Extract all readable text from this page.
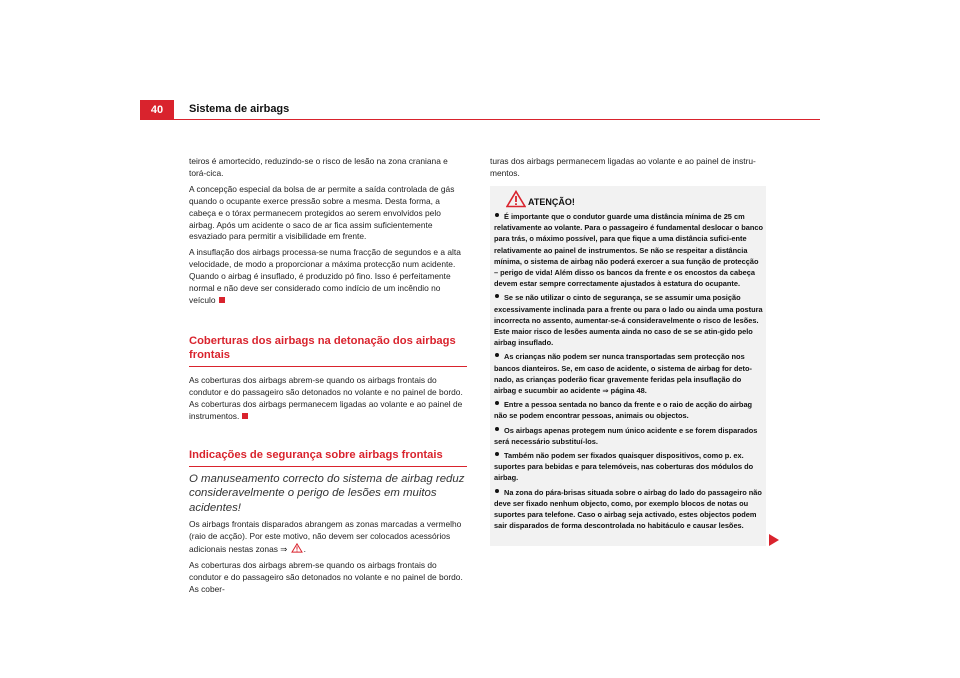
40	Sistema de airbags

teiros é amortecido, reduzindo-se o risco de lesão na zona craniana e torá-cica.

A concepção especial da bolsa de ar permite a saída controlada de gás quando o ocupante exerce pressão sobre a mesma. Desta forma, a cabeça e o tórax permanecem protegidos ao serem envolvidos pelo airbag. Após um acidente o saco de ar fica assim suficientemente esvaziado para permitir a visibilidade em frente.

A insuflação dos airbags processa-se numa fracção de segundos e a alta velocidade, de modo a proporcionar a máxima protecção num acidente. Quando o airbag é insuflado, é produzido pó fino. Isso é perfeitamente normal e não deve ser considerado como indício de um incêndio no veículo

Coberturas dos airbags na detonação dos airbags frontais

As coberturas dos airbags abrem-se quando os airbags frontais do condutor e do passageiro são detonados no volante e no painel de bordo. As coberturas dos airbags permanecem ligadas ao volante e ao painel de instrumentos.

Indicações de segurança sobre airbags frontais

O manuseamento correcto do sistema de airbag reduz consideravelmente o perigo de lesões em muitos acidentes!

Os airbags frontais disparados abrangem as zonas marcadas a vermelho (raio de acção). Por este motivo, não devem ser colocados acessórios adicionais nestas zonas ⇒ .

As coberturas dos airbags abrem-se quando os airbags frontais do condutor e do passageiro são detonados no volante e no painel de bordo. As cober-

turas dos airbags permanecem ligadas ao volante e ao painel de instru-mentos.

ATENÇÃO!
É importante que o condutor guarde uma distância mínima de 25 cm relativamente ao volante. Para o passageiro é fundamental deslocar o banco para trás, o máximo possível, para que fique a uma distância sufici-ente relativamente ao painel de instrumentos. Se não se respeitar a distância mínima, o sistema de airbag não poderá exercer a sua função de protecção – perigo de vida! Além disso os bancos da frente e os encostos da cabeça devem estar sempre correctamente ajustados à estatura do ocupante.
Se se não utilizar o cinto de segurança, se se assumir uma posição excessivamente inclinada para a frente ou para o lado ou ainda uma postura incorrecta no assento, aumentar-se-á consideravelmente o risco de lesões. Este maior risco de lesões aumenta ainda no caso de se se atin-gido pelo airbag insuflado.
As crianças não podem ser nunca transportadas sem protecção nos bancos dianteiros. Se, em caso de acidente, o sistema de airbag for deto-nado, as crianças poderão ficar gravemente feridas pela insuflação do airbag e sucumbir ao acidente ⇒ página 48.
Entre a pessoa sentada no banco da frente e o raio de acção do airbag não se podem encontrar pessoas, animais ou objectos.
Os airbags apenas protegem num único acidente e se forem disparados será necessário substituí-los.
Também não podem ser fixados quaisquer dispositivos, como p. ex. suportes para bebidas e para telemóveis, nas coberturas dos módulos do airbag.
Na zona do pára-brisas situada sobre o airbag do lado do passageiro não deve ser fixado nenhum objecto, como, por exemplo blocos de notas ou suportes para telefone. Caso o airbag seja activado, estes objectos podem sair disparados de forma descontrolada no habitáculo e causar lesões.
